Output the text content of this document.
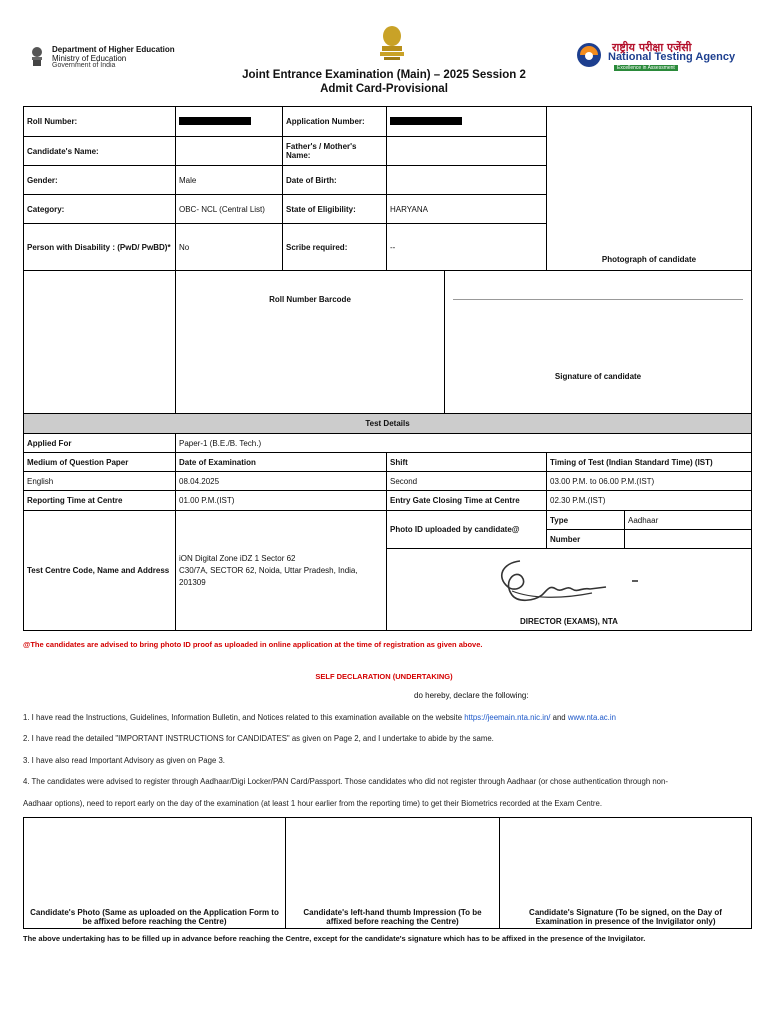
Department of Higher Education
Ministry of Education
Government of India
राष्ट्रीय परीक्षा एजेंसी
National Testing Agency
Excellence in Assessment
Joint Entrance Examination (Main) – 2025 Session 2
Admit Card-Provisional
Roll Number:		Application Number:			Photograph of candidate	
Candidate's Name:		Father's / Mother's Name:				
Gender:	Male	Date of Birth:				
Category:	OBC- NCL (Central List)	State of Eligibility:	HARYANA			
Person with Disability : (PwD/ PwBD)*	No	Scribe required:	--			
	Roll Number Barcode			Signature of candidate		
Test Details						
Applied For	Paper-1 (B.E./B. Tech.)					
Medium of Question Paper	Date of Examination		Shift		Timing of Test (Indian Standard Time) (IST)	
English	08.04.2025		Second		03.00 P.M. to 06.00 P.M.(IST)	
Reporting Time at Centre	01.00 P.M.(IST)		Entry Gate Closing Time at Centre		02.30 P.M.(IST)	
Test Centre Code, Name and Address	iON Digital Zone iDZ 1 Sector 62
C30/7A, SECTOR 62, Noida, Uttar Pradesh, India,
201309		Photo ID uploaded by candidate@		Type	Aadhaar
					Number	

DIRECTOR (EXAMS), NTA			
@The candidates are advised to bring photo ID proof as uploaded in online application at the time of registration as given above.
SELF DECLARATION (UNDERTAKING)
do hereby, declare the following:
1. I have read the Instructions, Guidelines, Information Bulletin, and Notices related to this examination available on the website https://jeemain.nta.nic.in/ and www.nta.ac.in
2. I have read the detailed "IMPORTANT INSTRUCTIONS for CANDIDATES" as given on Page 2, and I undertake to abide by the same.
3. I have also read Important Advisory as given on Page 3.
4. The candidates were advised to register through Aadhaar/Digi Locker/PAN Card/Passport. Those candidates who did not register through Aadhaar (or chose authentication through non-
Aadhaar options), need to report early on the day of the examination (at least 1 hour earlier from the reporting time) to get their Biometrics recorded at the Exam Centre.
Candidate's Photo (Same as uploaded on the Application Form to
be affixed before reaching the Centre)

Candidate's left-hand thumb Impression (To be
affixed before reaching the Centre)

Candidate's Signature (To be signed, on the Day of
Examination in presence of the Invigilator only)
The above undertaking has to be filled up in advance before reaching the Centre, except for the candidate's signature which has to be affixed in the presence of the Invigilator.
